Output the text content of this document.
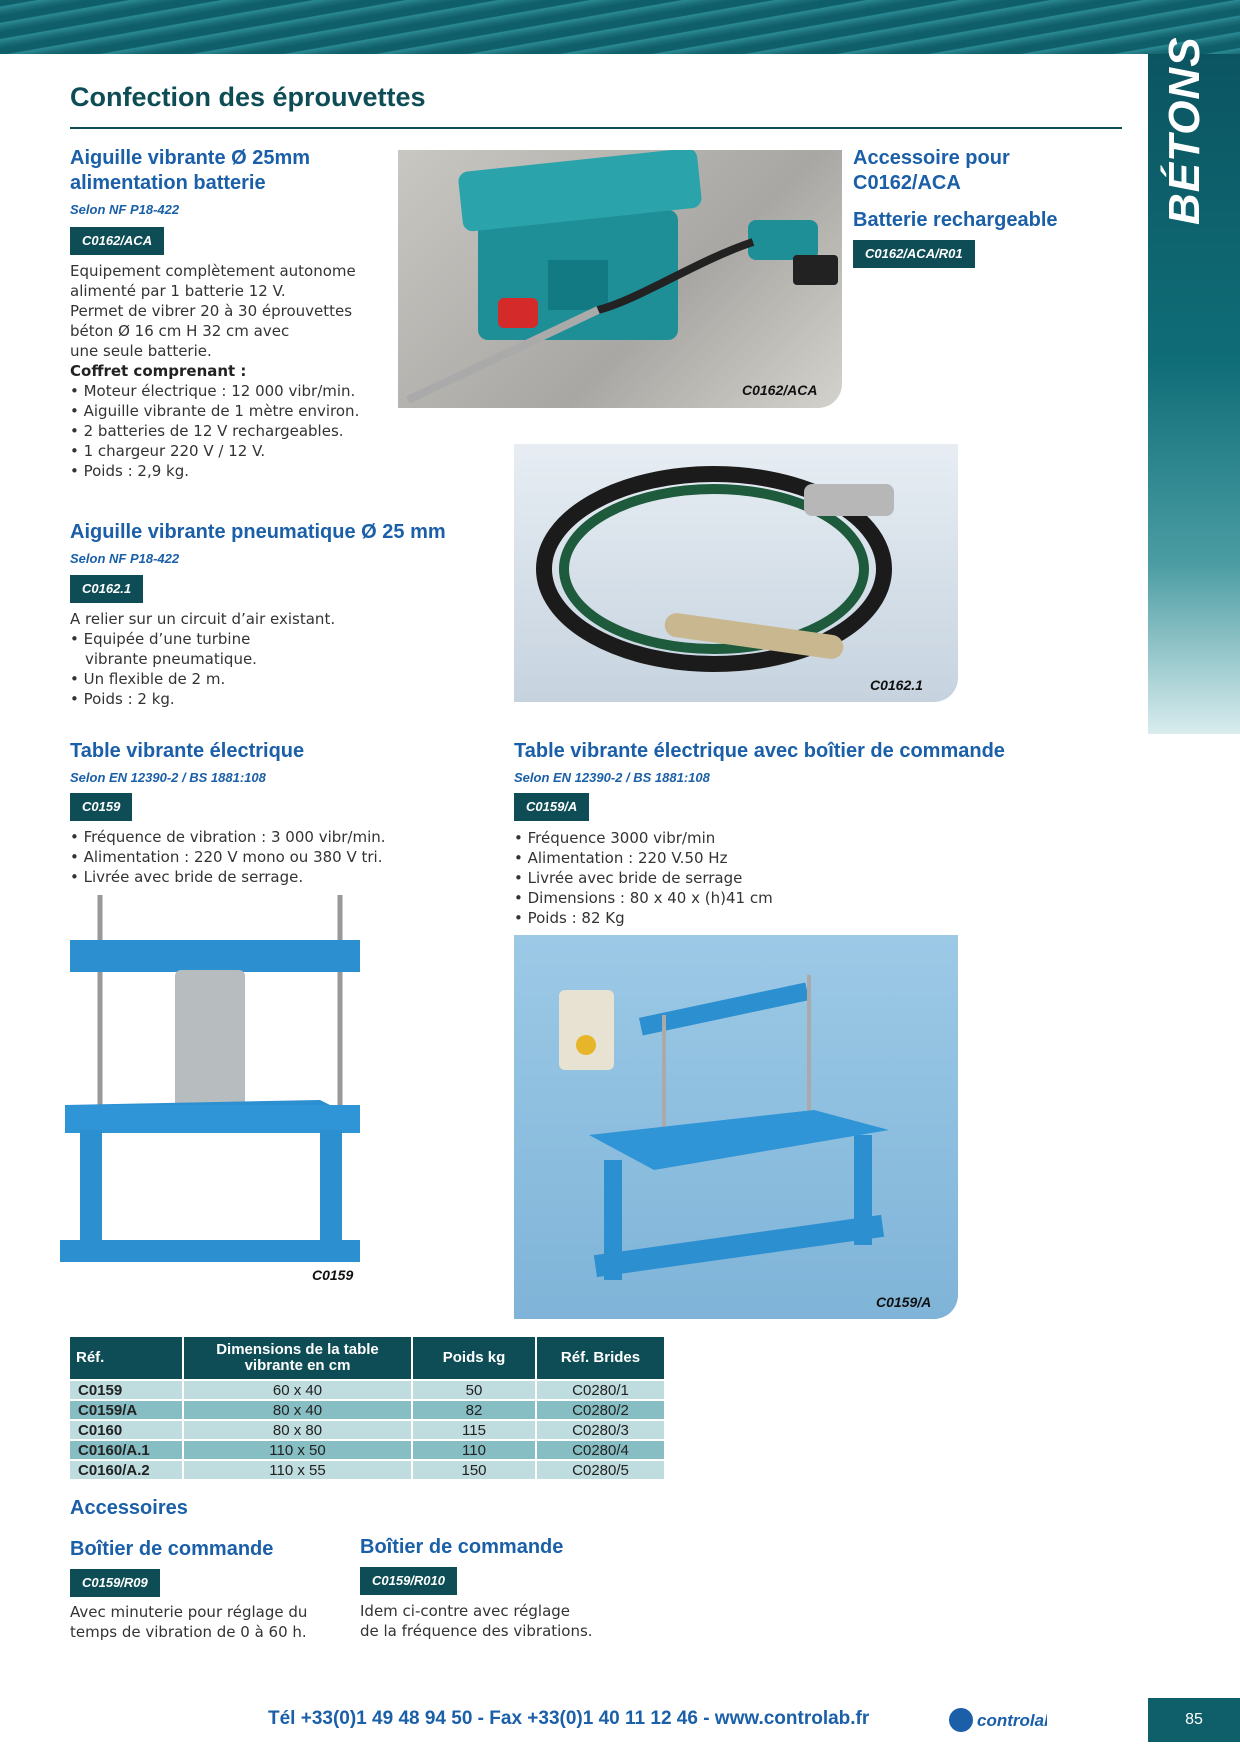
BÉTONS
Confection des éprouvettes
Aiguille vibrante Ø 25mm
alimentation batterie
Selon NF P18-422
C0162/ACA
Equipement complètement autonome
alimenté par 1 batterie 12 V.
Permet de vibrer 20 à 30 éprouvettes
béton Ø 16 cm H 32 cm avec
une seule batterie.
Coffret comprenant :
• Moteur électrique : 12 000 vibr/min.
• Aiguille vibrante de 1 mètre environ.
• 2 batteries de 12 V rechargeables.
• 1 chargeur 220 V / 12 V.
• Poids : 2,9 kg.
C0162/ACA
Accessoire pour
C0162/ACA
Batterie rechargeable
C0162/ACA/R01
Aiguille vibrante pneumatique Ø 25 mm
Selon NF P18-422
C0162.1
A relier sur un circuit d’air existant.
• Equipée d’une turbine
vibrante pneumatique.
• Un flexible de 2 m.
• Poids : 2 kg.
C0162.1
Table vibrante électrique
Selon EN 12390-2 / BS 1881:108
C0159
• Fréquence de vibration : 3 000 vibr/min.
• Alimentation : 220 V mono ou 380 V tri.
• Livrée avec bride de serrage.
C0159
Table vibrante électrique avec boîtier de commande
Selon EN 12390-2 / BS 1881:108
C0159/A
• Fréquence 3000 vibr/min
• Alimentation : 220 V.50 Hz
• Livrée avec bride de serrage
• Dimensions : 80 x 40 x (h)41 cm
• Poids : 82 Kg
C0159/A
Réf.	Dimensions de la table vibrante en cm	Poids kg	Réf. Brides
C0159	60 x 40	50	C0280/1
C0159/A	80 x 40	82	C0280/2
C0160	80 x 80	115	C0280/3
C0160/A.1	110 x 50	110	C0280/4
C0160/A.2	110 x 55	150	C0280/5
Accessoires
Boîtier de commande
C0159/R09
Avec minuterie pour réglage du
temps de vibration de 0 à 60 h.
Boîtier de commande
C0159/R010
Idem ci-contre avec réglage
de la fréquence des vibrations.
Tél +33(0)1 49 48 94 50 - Fax +33(0)1 40 11 12 46 - www.controlab.fr	controlab	85
